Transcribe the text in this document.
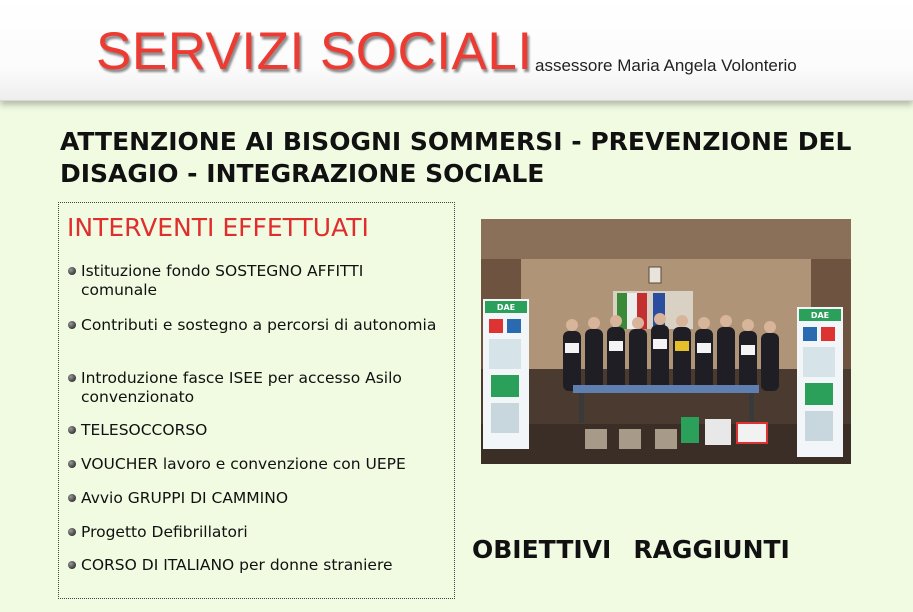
SERVIZI SOCIALI assessore Maria Angela Volonterio
ATTENZIONE AI BISOGNI SOMMERSI - PREVENZIONE DEL DISAGIO - INTEGRAZIONE SOCIALE
INTERVENTI EFFETTUATI
Istituzione fondo SOSTEGNO AFFITTI comunale
Contributi e sostegno a percorsi di autonomia
Introduzione fasce ISEE per accesso Asilo convenzionato
TELESOCCORSO
VOUCHER lavoro e convenzione con UEPE
Avvio GRUPPI DI CAMMINO
Progetto Defibrillatori
CORSO DI ITALIANO per donne straniere
DAE
DAE
OBIETTIVI RAGGIUNTI
